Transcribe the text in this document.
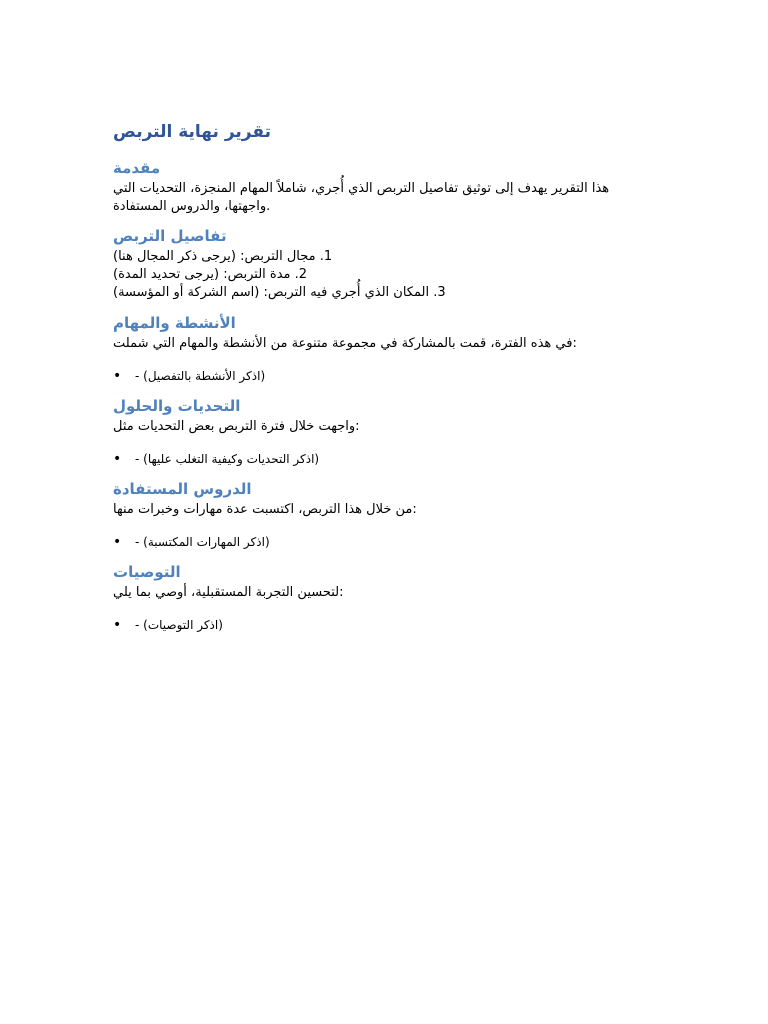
تقرير نهاية التربص
مقدمة

هذا التقرير يهدف إلى توثيق تفاصيل التربص الذي أُجري، شاملاً المهام المنجزة، التحديات التي

.واجهتها، والدروس المستفادة

تفاصيل التربص
1. مجال التربص: (يرجى ذكر المجال هنا)
2. مدة التربص: (يرجى تحديد المدة)
3. المكان الذي أُجري فيه التربص: (اسم الشركة أو المؤسسة)
الأنشطة والمهام

:في هذه الفترة، قمت بالمشاركة في مجموعة متنوعة من الأنشطة والمهام التي شملت

• - (اذكر الأنشطة بالتفصيل)
التحديات والحلول

:واجهت خلال فترة التربص بعض التحديات مثل

• - (اذكر التحديات وكيفية التغلب عليها)
الدروس المستفادة

:من خلال هذا التربص، اكتسبت عدة مهارات وخبرات منها

• - (اذكر المهارات المكتسبة)
التوصيات

:لتحسين التجربة المستقبلية، أوصي بما يلي

• - (اذكر التوصيات)
